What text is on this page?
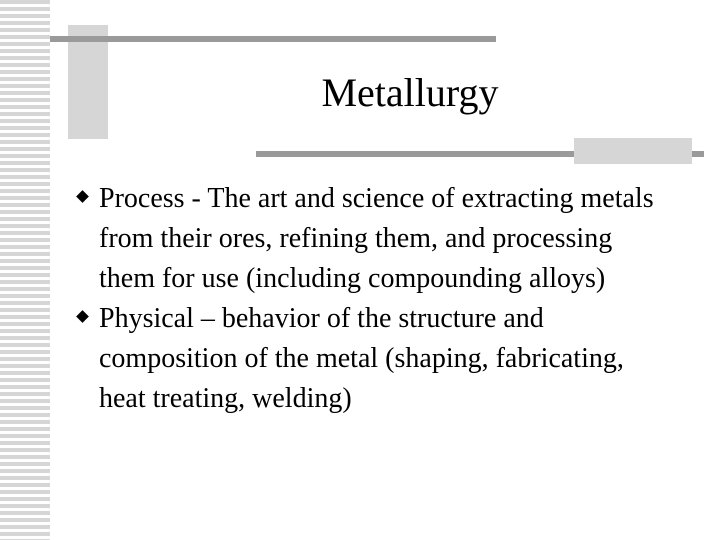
Metallurgy
Process - The art and science of extracting metals from their ores, refining them, and processing them for use (including compounding alloys)
Physical – behavior of the structure and composition of the metal (shaping, fabricating, heat treating, welding)
